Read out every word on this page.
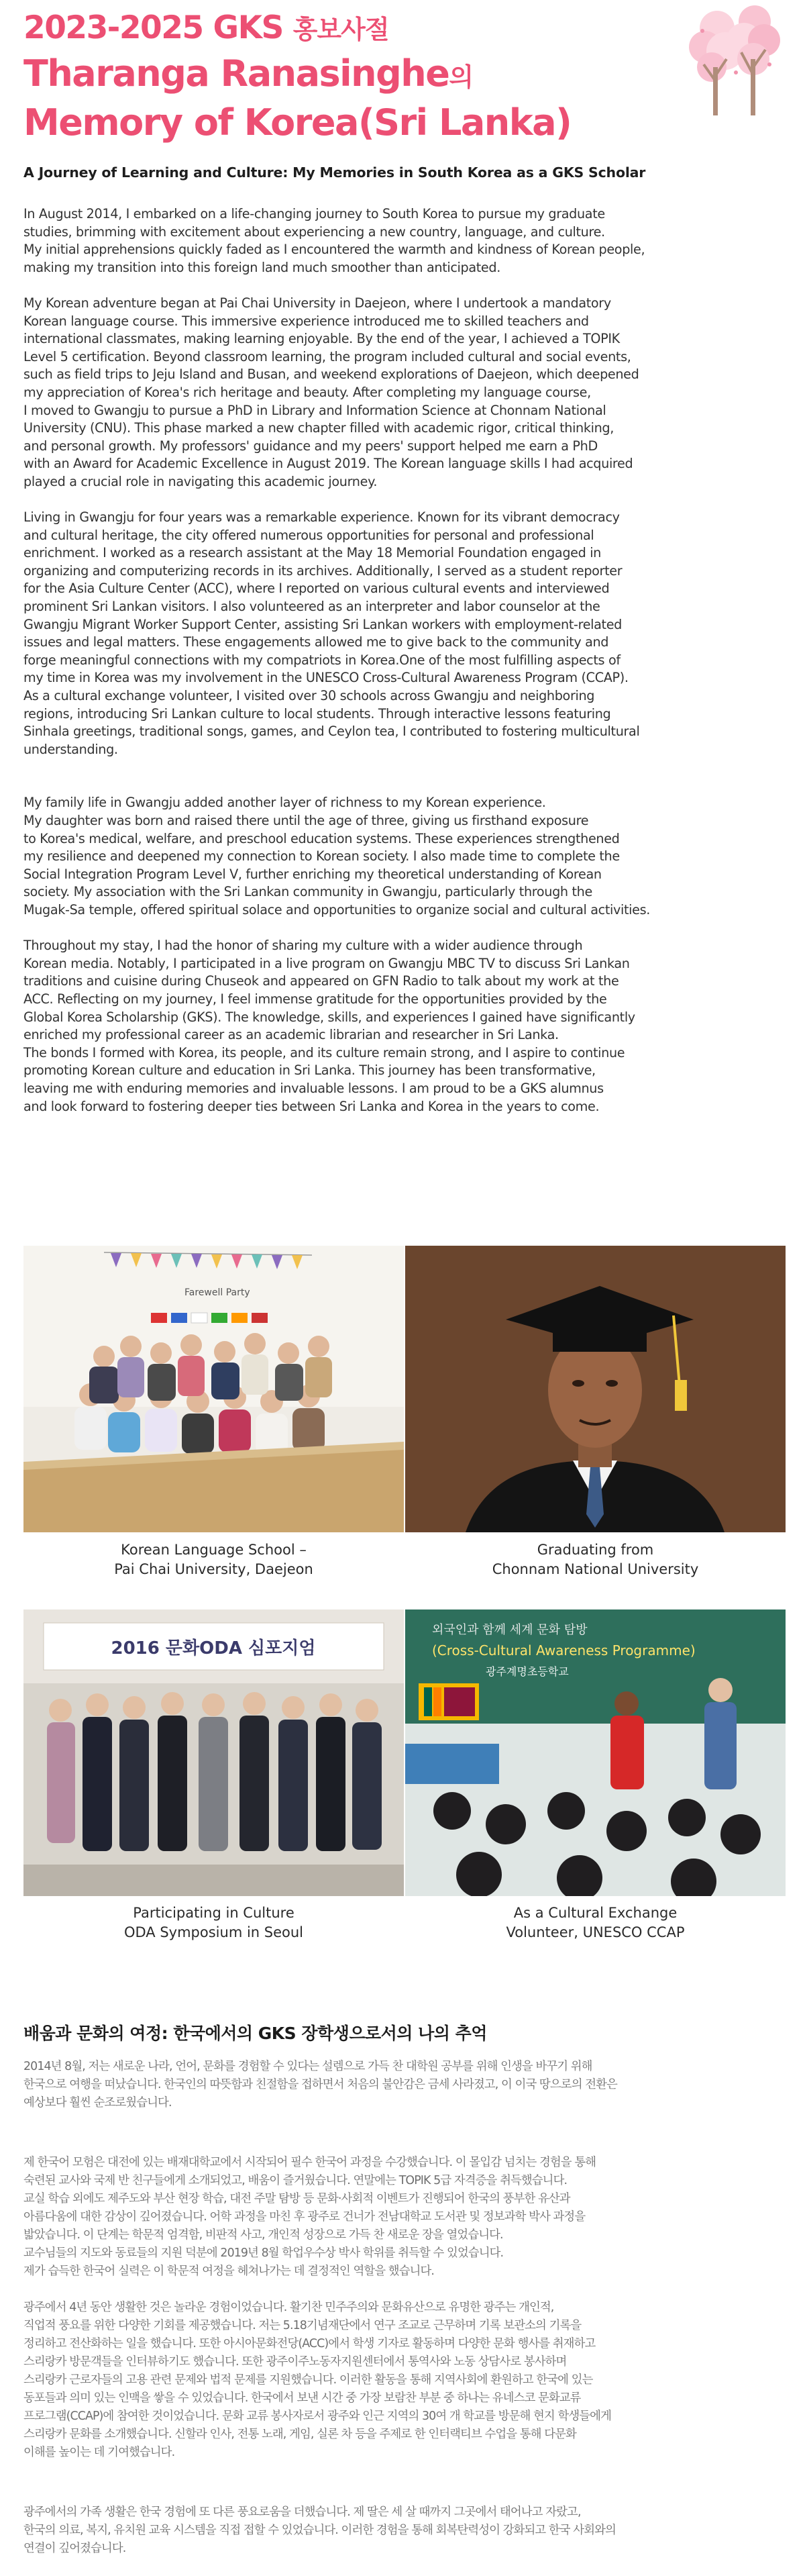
2023-2025 GKS 홍보사절
Tharanga Ranasinghe의
Memory of Korea(Sri Lanka)
A Journey of Learning and Culture: My Memories in South Korea as a GKS Scholar

In August 2014, I embarked on a life-changing journey to South Korea to pursue my graduate
studies, brimming with excitement about experiencing a new country, language, and culture.
My initial apprehensions quickly faded as I encountered the warmth and kindness of Korean people,
making my transition into this foreign land much smoother than anticipated.

My Korean adventure began at Pai Chai University in Daejeon, where I undertook a mandatory
Korean language course. This immersive experience introduced me to skilled teachers and
international classmates, making learning enjoyable. By the end of the year, I achieved a TOPIK
Level 5 certification. Beyond classroom learning, the program included cultural and social events,
such as field trips to Jeju Island and Busan, and weekend explorations of Daejeon, which deepened
my appreciation of Korea's rich heritage and beauty. After completing my language course,
I moved to Gwangju to pursue a PhD in Library and Information Science at Chonnam National
University (CNU). This phase marked a new chapter filled with academic rigor, critical thinking,
and personal growth. My professors' guidance and my peers' support helped me earn a PhD
with an Award for Academic Excellence in August 2019. The Korean language skills I had acquired
played a crucial role in navigating this academic journey.

Living in Gwangju for four years was a remarkable experience. Known for its vibrant democracy
and cultural heritage, the city offered numerous opportunities for personal and professional
enrichment. I worked as a research assistant at the May 18 Memorial Foundation engaged in
organizing and computerizing records in its archives. Additionally, I served as a student reporter
for the Asia Culture Center (ACC), where I reported on various cultural events and interviewed
prominent Sri Lankan visitors. I also volunteered as an interpreter and labor counselor at the
Gwangju Migrant Worker Support Center, assisting Sri Lankan workers with employment-related
issues and legal matters. These engagements allowed me to give back to the community and
forge meaningful connections with my compatriots in Korea.One of the most fulfilling aspects of
my time in Korea was my involvement in the UNESCO Cross-Cultural Awareness Program (CCAP).
As a cultural exchange volunteer, I visited over 30 schools across Gwangju and neighboring
regions, introducing Sri Lankan culture to local students. Through interactive lessons featuring
Sinhala greetings, traditional songs, games, and Ceylon tea, I contributed to fostering multicultural
understanding.

My family life in Gwangju added another layer of richness to my Korean experience.
My daughter was born and raised there until the age of three, giving us firsthand exposure
to Korea's medical, welfare, and preschool education systems. These experiences strengthened
my resilience and deepened my connection to Korean society. I also made time to complete the
Social Integration Program Level V, further enriching my theoretical understanding of Korean
society. My association with the Sri Lankan community in Gwangju, particularly through the
Mugak-Sa temple, offered spiritual solace and opportunities to organize social and cultural activities.

Throughout my stay, I had the honor of sharing my culture with a wider audience through
Korean media. Notably, I participated in a live program on Gwangju MBC TV to discuss Sri Lankan
traditions and cuisine during Chuseok and appeared on GFN Radio to talk about my work at the
ACC. Reflecting on my journey, I feel immense gratitude for the opportunities provided by the
Global Korea Scholarship (GKS). The knowledge, skills, and experiences I gained have significantly
enriched my professional career as an academic librarian and researcher in Sri Lanka.
The bonds I formed with Korea, its people, and its culture remain strong, and I aspire to continue
promoting Korean culture and education in Sri Lanka. This journey has been transformative,
leaving me with enduring memories and invaluable lessons. I am proud to be a GKS alumnus
and look forward to fostering deeper ties between Sri Lanka and Korea in the years to come.

Farewell Party
Korean Language School –
Pai Chai University, Daejeon
Graduating from
Chonnam National University
2016 문화ODA 심포지엄
Participating in Culture
ODA Symposium in Seoul
외국인과 함께 세계 문화 탐방
(Cross-Cultural Awareness Programme)
광주계명초등학교
As a Cultural Exchange
Volunteer, UNESCO CCAP
배움과 문화의 여정: 한국에서의 GKS 장학생으로서의 나의 추억

2014년 8월, 저는 새로운 나라, 언어, 문화를 경험할 수 있다는 설렘으로 가득 찬 대학원 공부를 위해 인생을 바꾸기 위해
한국으로 여행을 떠났습니다. 한국인의 따뜻함과 친절함을 접하면서 처음의 불안감은 금세 사라졌고, 이 이국 땅으로의 전환은
예상보다 훨씬 순조로웠습니다.

제 한국어 모험은 대전에 있는 배재대학교에서 시작되어 필수 한국어 과정을 수강했습니다. 이 몰입감 넘치는 경험을 통해
숙련된 교사와 국제 반 친구들에게 소개되었고, 배움이 즐거웠습니다. 연말에는 TOPIK 5급 자격증을 취득했습니다.
교실 학습 외에도 제주도와 부산 현장 학습, 대전 주말 탐방 등 문화·사회적 이벤트가 진행되어 한국의 풍부한 유산과
아름다움에 대한 감상이 깊어졌습니다. 어학 과정을 마친 후 광주로 건너가 전남대학교 도서관 및 정보과학 박사 과정을
밟았습니다. 이 단계는 학문적 엄격함, 비판적 사고, 개인적 성장으로 가득 찬 새로운 장을 열었습니다.
교수님들의 지도와 동료들의 지원 덕분에 2019년 8월 학업우수상 박사 학위를 취득할 수 있었습니다.
제가 습득한 한국어 실력은 이 학문적 여정을 헤쳐나가는 데 결정적인 역할을 했습니다.

광주에서 4년 동안 생활한 것은 놀라운 경험이었습니다. 활기찬 민주주의와 문화유산으로 유명한 광주는 개인적,
직업적 풍요를 위한 다양한 기회를 제공했습니다. 저는 5.18기념재단에서 연구 조교로 근무하며 기록 보관소의 기록을
정리하고 전산화하는 일을 했습니다. 또한 아시아문화전당(ACC)에서 학생 기자로 활동하며 다양한 문화 행사를 취재하고
스리랑카 방문객들을 인터뷰하기도 했습니다. 또한 광주이주노동자지원센터에서 통역사와 노동 상담사로 봉사하며
스리랑카 근로자들의 고용 관련 문제와 법적 문제를 지원했습니다. 이러한 활동을 통해 지역사회에 환원하고 한국에 있는
동포들과 의미 있는 인맥을 쌓을 수 있었습니다. 한국에서 보낸 시간 중 가장 보람찬 부분 중 하나는 유네스코 문화교류
프로그램(CCAP)에 참여한 것이었습니다. 문화 교류 봉사자로서 광주와 인근 지역의 30여 개 학교를 방문해 현지 학생들에게
스리랑카 문화를 소개했습니다. 신할라 인사, 전통 노래, 게임, 실론 차 등을 주제로 한 인터랙티브 수업을 통해 다문화
이해를 높이는 데 기여했습니다.

광주에서의 가족 생활은 한국 경험에 또 다른 풍요로움을 더했습니다. 제 딸은 세 살 때까지 그곳에서 태어나고 자랐고,
한국의 의료, 복지, 유치원 교육 시스템을 직접 접할 수 있었습니다. 이러한 경험을 통해 회복탄력성이 강화되고 한국 사회와의
연결이 깊어졌습니다.
